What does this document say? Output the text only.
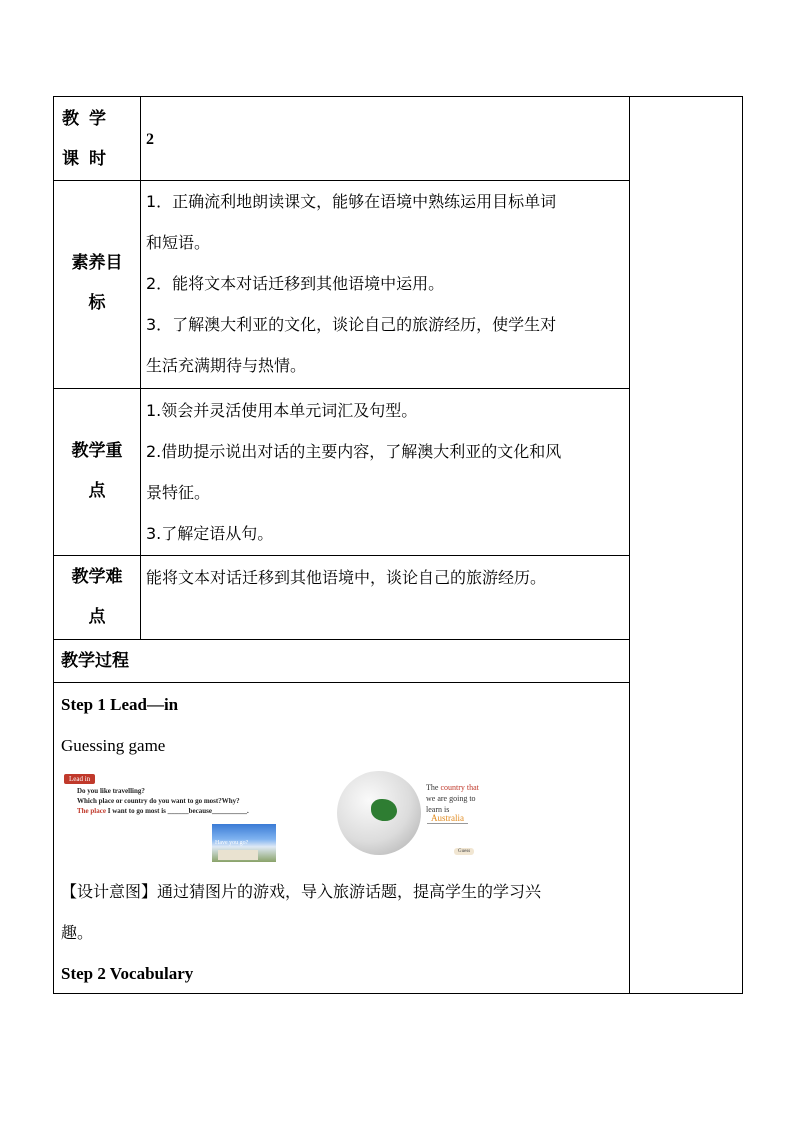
教学课时
2
素养目标
1．正确流利地朗读课文，能够在语境中熟练运用目标单词
和短语。
2．能将文本对话迁移到其他语境中运用。
3．了解澳大利亚的文化，谈论自己的旅游经历，使学生对
生活充满期待与热情。
教学重点
1.领会并灵活使用本单元词汇及句型。
2.借助提示说出对话的主要内容，了解澳大利亚的文化和风
景特征。
3.了解定语从句。
教学难点
能将文本对话迁移到其他语境中，谈论自己的旅游经历。
教学过程
Step 1 Lead—in
Guessing game
【设计意图】通过猜图片的游戏，导入旅游话题，提高学生的学习兴
趣。
Step 2 Vocabulary
Lead in
Do you like travelling?
Which place or country do you want to go most?Why?
The place I want to go most is ______because__________.
Have you go?
The country that
we are going to
learn is
Australia
Guess
